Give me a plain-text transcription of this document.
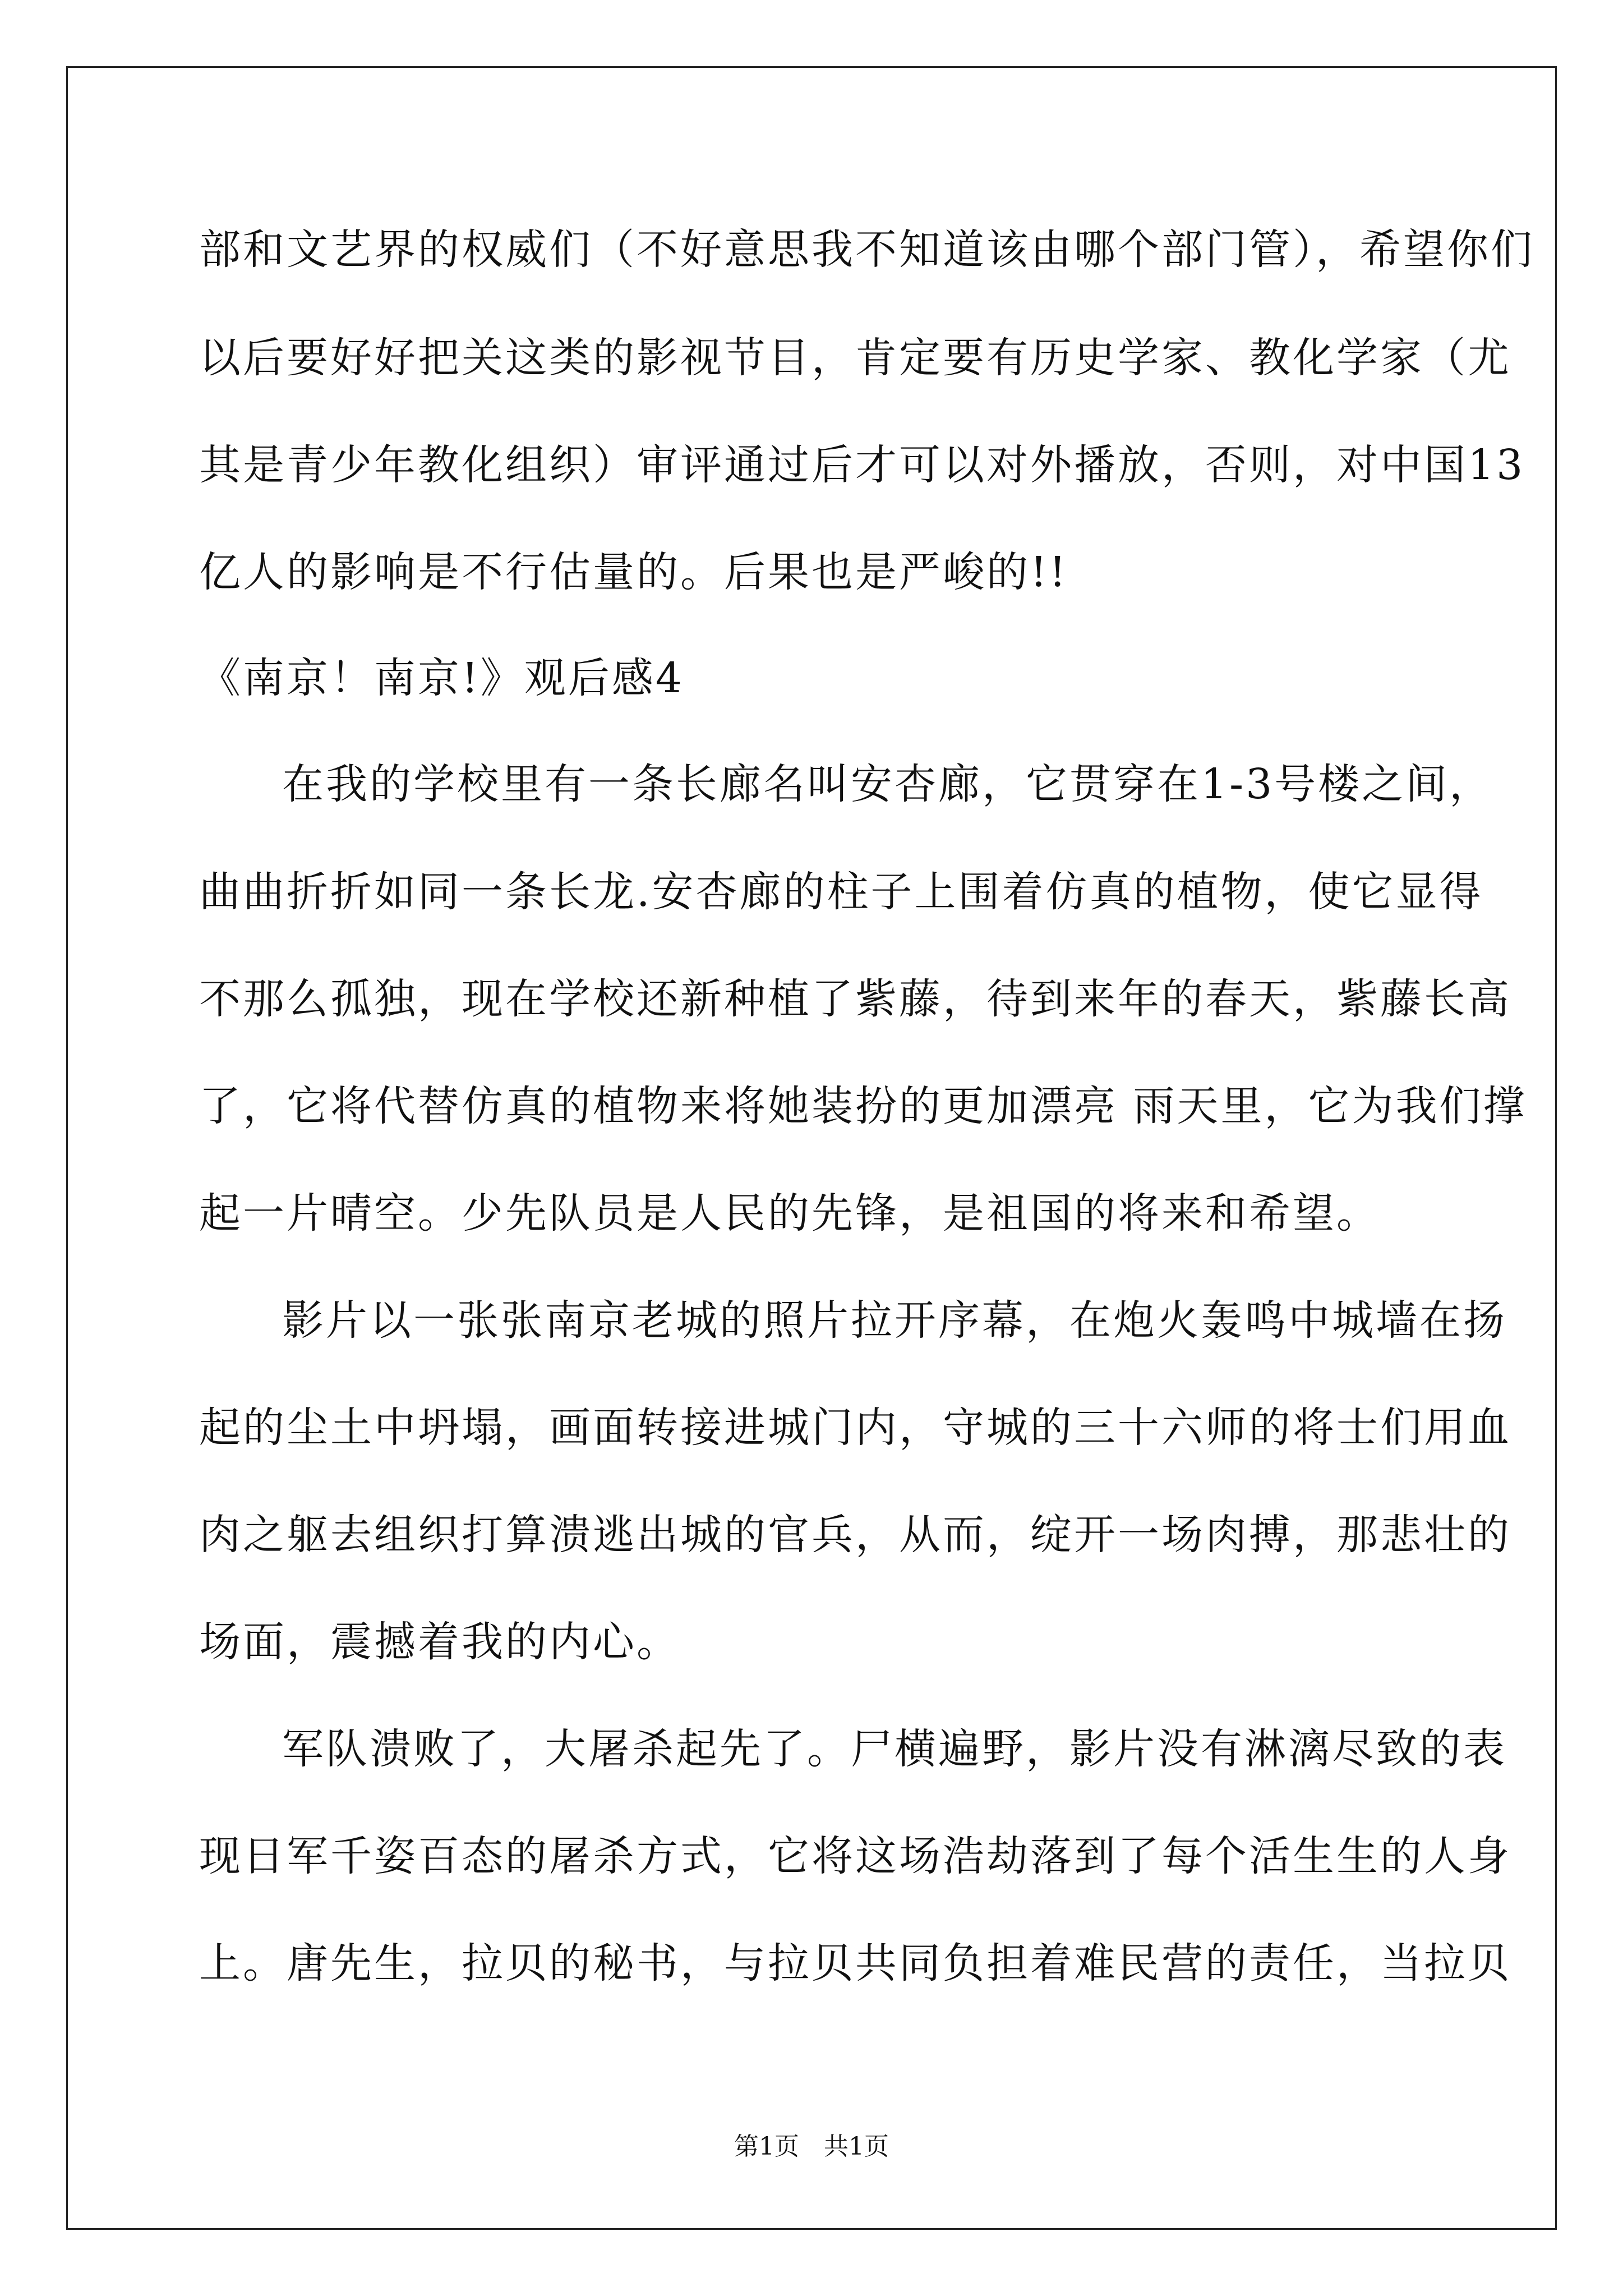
部和文艺界的权威们（不好意思我不知道该由哪个部门管），希望你们
以后要好好把关这类的影视节目，肯定要有历史学家、教化学家（尤
其是青少年教化组织）审评通过后才可以对外播放，否则，对中国13
亿人的影响是不行估量的。后果也是严峻的!!
《南京！南京!》观后感4
在我的学校里有一条长廊名叫安杏廊，它贯穿在1-3号楼之间，
曲曲折折如同一条长龙.安杏廊的柱子上围着仿真的植物，使它显得
不那么孤独，现在学校还新种植了紫藤，待到来年的春天，紫藤长高
了，它将代替仿真的植物来将她装扮的更加漂亮 雨天里，它为我们撑
起一片晴空。少先队员是人民的先锋，是祖国的将来和希望。
影片以一张张南京老城的照片拉开序幕，在炮火轰鸣中城墙在扬
起的尘土中坍塌，画面转接进城门内，守城的三十六师的将士们用血
肉之躯去组织打算溃逃出城的官兵，从而，绽开一场肉搏，那悲壮的
场面，震撼着我的内心。
军队溃败了，大屠杀起先了。尸横遍野，影片没有淋漓尽致的表
现日军千姿百态的屠杀方式，它将这场浩劫落到了每个活生生的人身
上。唐先生，拉贝的秘书，与拉贝共同负担着难民营的责任，当拉贝
第1页　共1页
